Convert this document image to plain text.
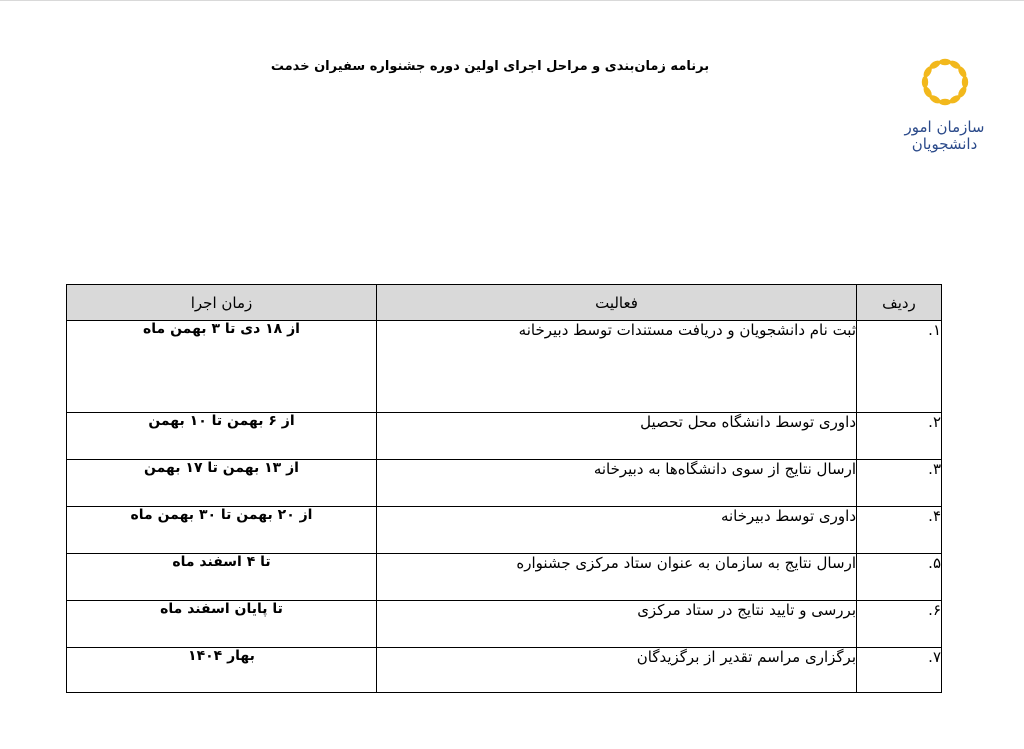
برنامه زمان‌بندی و مراحل اجرای اولین دوره جشنواره سفیران خدمت
سازمان امور
دانشجویان
ردیف	فعالیت	زمان اجرا
۱.	ثبت نام دانشجویان و دریافت مستندات توسط دبیرخانه	از ۱۸ دی تا ۳ بهمن ماه
۲.	داوری توسط دانشگاه محل تحصیل	از ۶ بهمن تا ۱۰ بهمن
۳.	ارسال نتایج از سوی دانشگاه‌ها به دبیرخانه	از ۱۳ بهمن تا ۱۷ بهمن
۴.	داوری توسط دبیرخانه	از ۲۰ بهمن تا ۳۰ بهمن ماه
۵.	ارسال نتایج به سازمان به عنوان ستاد مرکزی جشنواره	تا ۴ اسفند ماه
۶.	بررسی و تایید نتایج در ستاد مرکزی	تا پایان اسفند ماه
۷.	برگزاری مراسم تقدیر از برگزیدگان	بهار ۱۴۰۴
